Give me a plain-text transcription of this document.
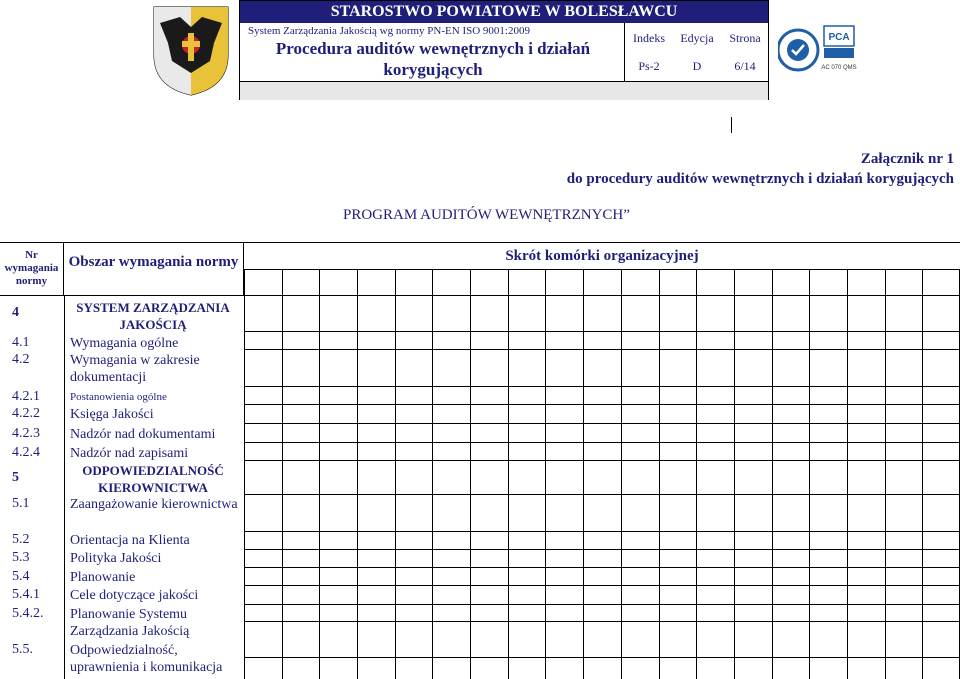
STAROSTWO POWIATOWE W BOLESŁAWCU
System Zarządzania Jakością wg normy PN-EN ISO 9001:2009
Procedura auditów wewnętrznych i działań korygujących
Indeks
Ps-2
Edycja
D
Strona
6/14
PCA
AC 070 QMS
Załącznik nr 1
do procedury auditów wewnętrznych i działań korygujących
PROGRAM AUDITÓW WEWNĘTRZNYCH”
Nr wymagania normy
Obszar wymagania normy	Skrót komórki organizacyjnej
4	SYSTEM ZARZĄDZANIA JAKOŚCIĄ
4.1	Wymagania ogólne
4.2	Wymagania w zakresie dokumentacji
4.2.1	Postanowienia ogólne
4.2.2	Księga Jakości
4.2.3	Nadzór nad dokumentami
4.2.4	Nadzór nad zapisami
5	ODPOWIEDZIALNOŚĆ KIEROWNICTWA
5.1	Zaangażowanie kierownictwa
5.2	Orientacja na Klienta
5.3	Polityka Jakości
5.4	Planowanie
5.4.1	Cele dotyczące jakości
5.4.2.	Planowanie Systemu Zarządzania Jakością
5.5.	Odpowiedzialność, uprawnienia i komunikacja
